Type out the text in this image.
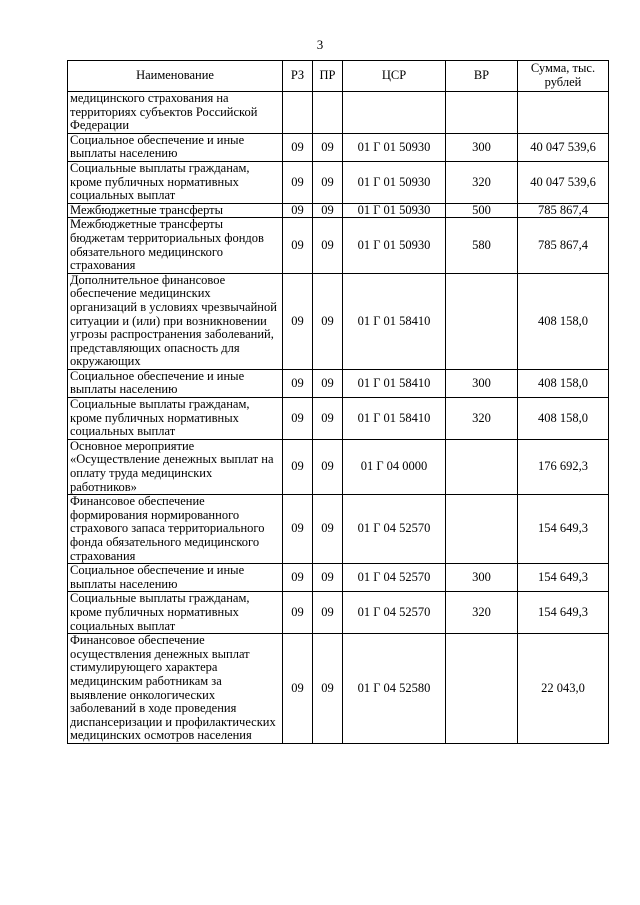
3
Наименование	РЗ	ПР	ЦСР	ВР	Сумма, тыс. рублей
медицинского страхования на территориях субъектов Российской Федерации					
Социальное обеспечение и иные выплаты населению	09	09	01 Г 01 50930	300	40 047 539,6
Социальные выплаты гражданам, кроме публичных нормативных социальных выплат	09	09	01 Г 01 50930	320	40 047 539,6
Межбюджетные трансферты	09	09	01 Г 01 50930	500	785 867,4
Межбюджетные трансферты бюджетам территориальных фондов обязательного медицинского страхования	09	09	01 Г 01 50930	580	785 867,4
Дополнительное финансовое обеспечение медицинских организаций в условиях чрезвычайной ситуации и (или) при возникновении угрозы распространения заболеваний, представляющих опасность для окружающих	09	09	01 Г 01 58410		408 158,0
Социальное обеспечение и иные выплаты населению	09	09	01 Г 01 58410	300	408 158,0
Социальные выплаты гражданам, кроме публичных нормативных социальных выплат	09	09	01 Г 01 58410	320	408 158,0
Основное мероприятие «Осуществление денежных выплат на оплату труда медицинских работников»	09	09	01 Г 04 0000		176 692,3
Финансовое обеспечение формирования нормированного страхового запаса территориального фонда обязательного медицинского страхования	09	09	01 Г 04 52570		154 649,3
Социальное обеспечение и иные выплаты населению	09	09	01 Г 04 52570	300	154 649,3
Социальные выплаты гражданам, кроме публичных нормативных социальных выплат	09	09	01 Г 04 52570	320	154 649,3
Финансовое обеспечение осуществления денежных выплат стимулирующего характера медицинским работникам за выявление онкологических заболеваний в ходе проведения диспансеризации и профилактических медицинских осмотров населения	09	09	01 Г 04 52580		22 043,0
